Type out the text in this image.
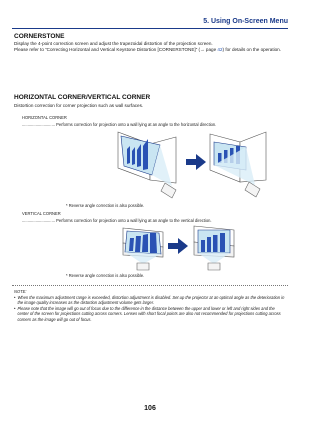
5. Using On-Screen Menu
CORNERSTONE
Display the 4-point correction screen and adjust the trapezoidal distortion of the projection screen.
Please refer to “Correcting Horizontal and Vertical Keystone Distortion [CORNERSTONE]” (→ page 42) for details on the operation.
HORIZONTAL CORNER/VERTICAL CORNER
Distortion correction for corner projection such as wall surfaces.
HORIZONTAL CORNER
............................. Performs correction for projection onto a wall lying at an angle to the horizontal direction.
* Reverse angle correction is also possible.
VERTICAL CORNER
............................. Performs correction for projection onto a wall lying at an angle to the vertical direction.
* Reverse angle correction is also possible.
NOTE:
• When the maximum adjustment range is exceeded, distortion adjustment is disabled. Set up the projector at an optimal angle as the deterioration in the image quality increases as the distortion adjustment volume gets larger.
• Please note that the image will go out of focus due to the difference in the distance between the upper and lower or left and right sides and the center of the screen for projections cutting across corners. Lenses with short focal points are also not recommended for projections cutting across corners as the image will go out of focus.
106
